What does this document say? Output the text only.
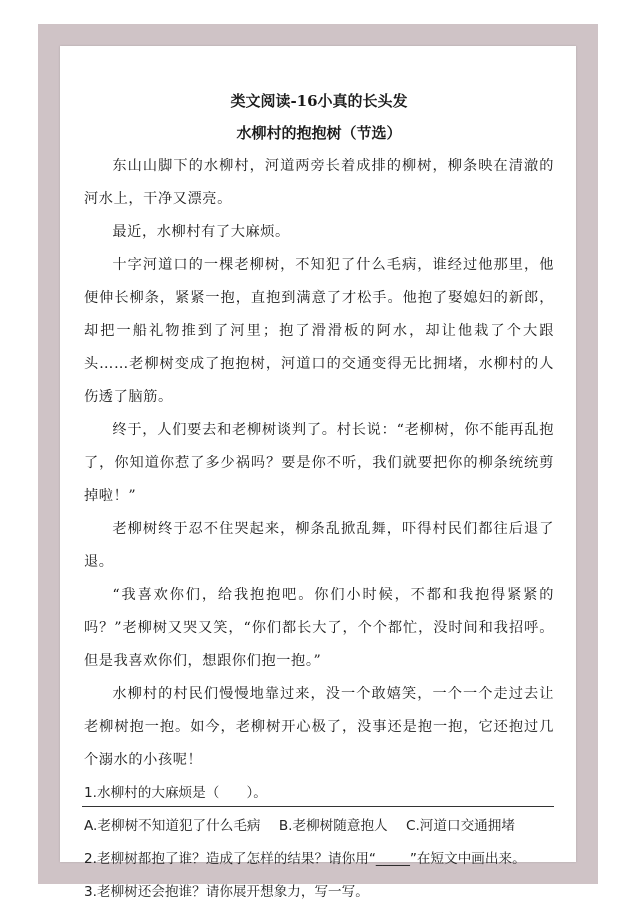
类文阅读-16小真的长头发
水柳村的抱抱树（节选）

东山山脚下的水柳村，河道两旁长着成排的柳树，柳条映在清澈的河水上，干净又漂亮。

最近，水柳村有了大麻烦。

十字河道口的一棵老柳树，不知犯了什么毛病，谁经过他那里，他便伸长柳条，紧紧一抱，直抱到满意了才松手。他抱了娶媳妇的新郎，却把一船礼物推到了河里；抱了滑滑板的阿水，却让他栽了个大跟头……老柳树变成了抱抱树，河道口的交通变得无比拥堵，水柳村的人伤透了脑筋。

终于，人们要去和老柳树谈判了。村长说：“老柳树，你不能再乱抱了，你知道你惹了多少祸吗？要是你不听，我们就要把你的柳条统统剪掉啦！”

老柳树终于忍不住哭起来，柳条乱掀乱舞，吓得村民们都往后退了退。

“我喜欢你们，给我抱抱吧。你们小时候，不都和我抱得紧紧的吗？”老柳树又哭又笑，“你们都长大了，个个都忙，没时间和我招呼。但是我喜欢你们，想跟你们抱一抱。”

水柳村的村民们慢慢地靠过来，没一个敢嬉笑，一个一个走过去让老柳树抱一抱。如今，老柳树开心极了，没事还是抱一抱，它还抱过几个溺水的小孩呢！

1.水柳村的大麻烦是（　　）。

A.老柳树不知道犯了什么毛病 B.老柳树随意抱人 C.河道口交通拥堵

2.老柳树都抱了谁？造成了怎样的结果？请你用“_____”在短文中画出来。

3.老柳树还会抱谁？请你展开想象力，写一写。
